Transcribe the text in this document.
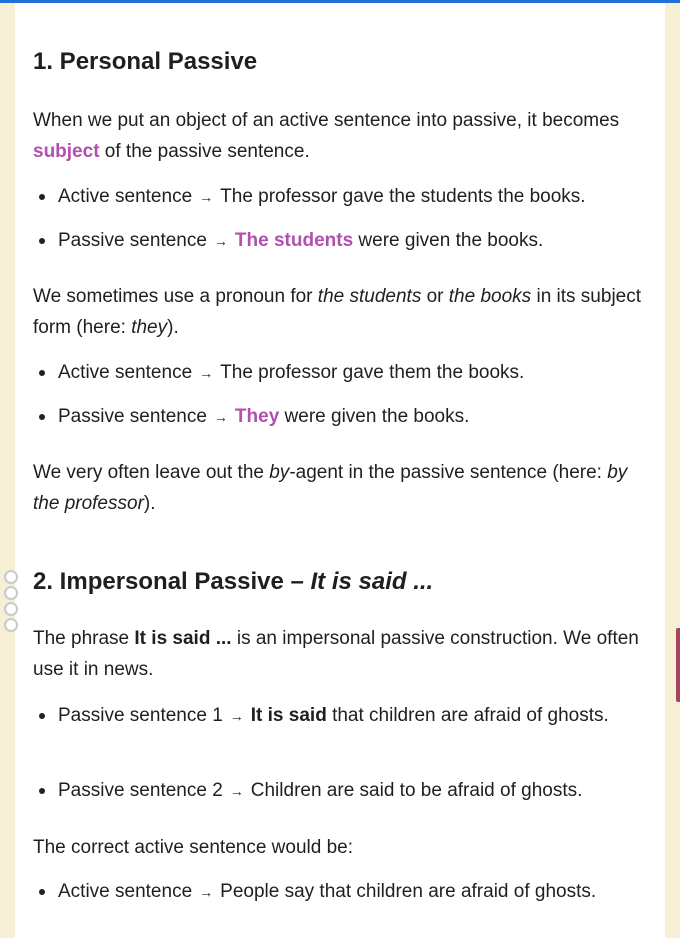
1. Personal Passive

When we put an object of an active sentence into passive, it becomes subject of the passive sentence.

Active sentence → The professor gave the students the books.
Passive sentence → The students were given the books.

We sometimes use a pronoun for the students or the books in its subject form (here: they).

Active sentence → The professor gave them the books.
Passive sentence → They were given the books.

We very often leave out the by-agent in the passive sentence (here: by the professor).

2. Impersonal Passive – It is said ...

The phrase It is said ... is an impersonal passive construction. We often use it in news.

Passive sentence 1 → It is said that children are afraid of ghosts.
Passive sentence 2 → Children are said to be afraid of ghosts.

The correct active sentence would be:

Active sentence → People say that children are afraid of ghosts.
